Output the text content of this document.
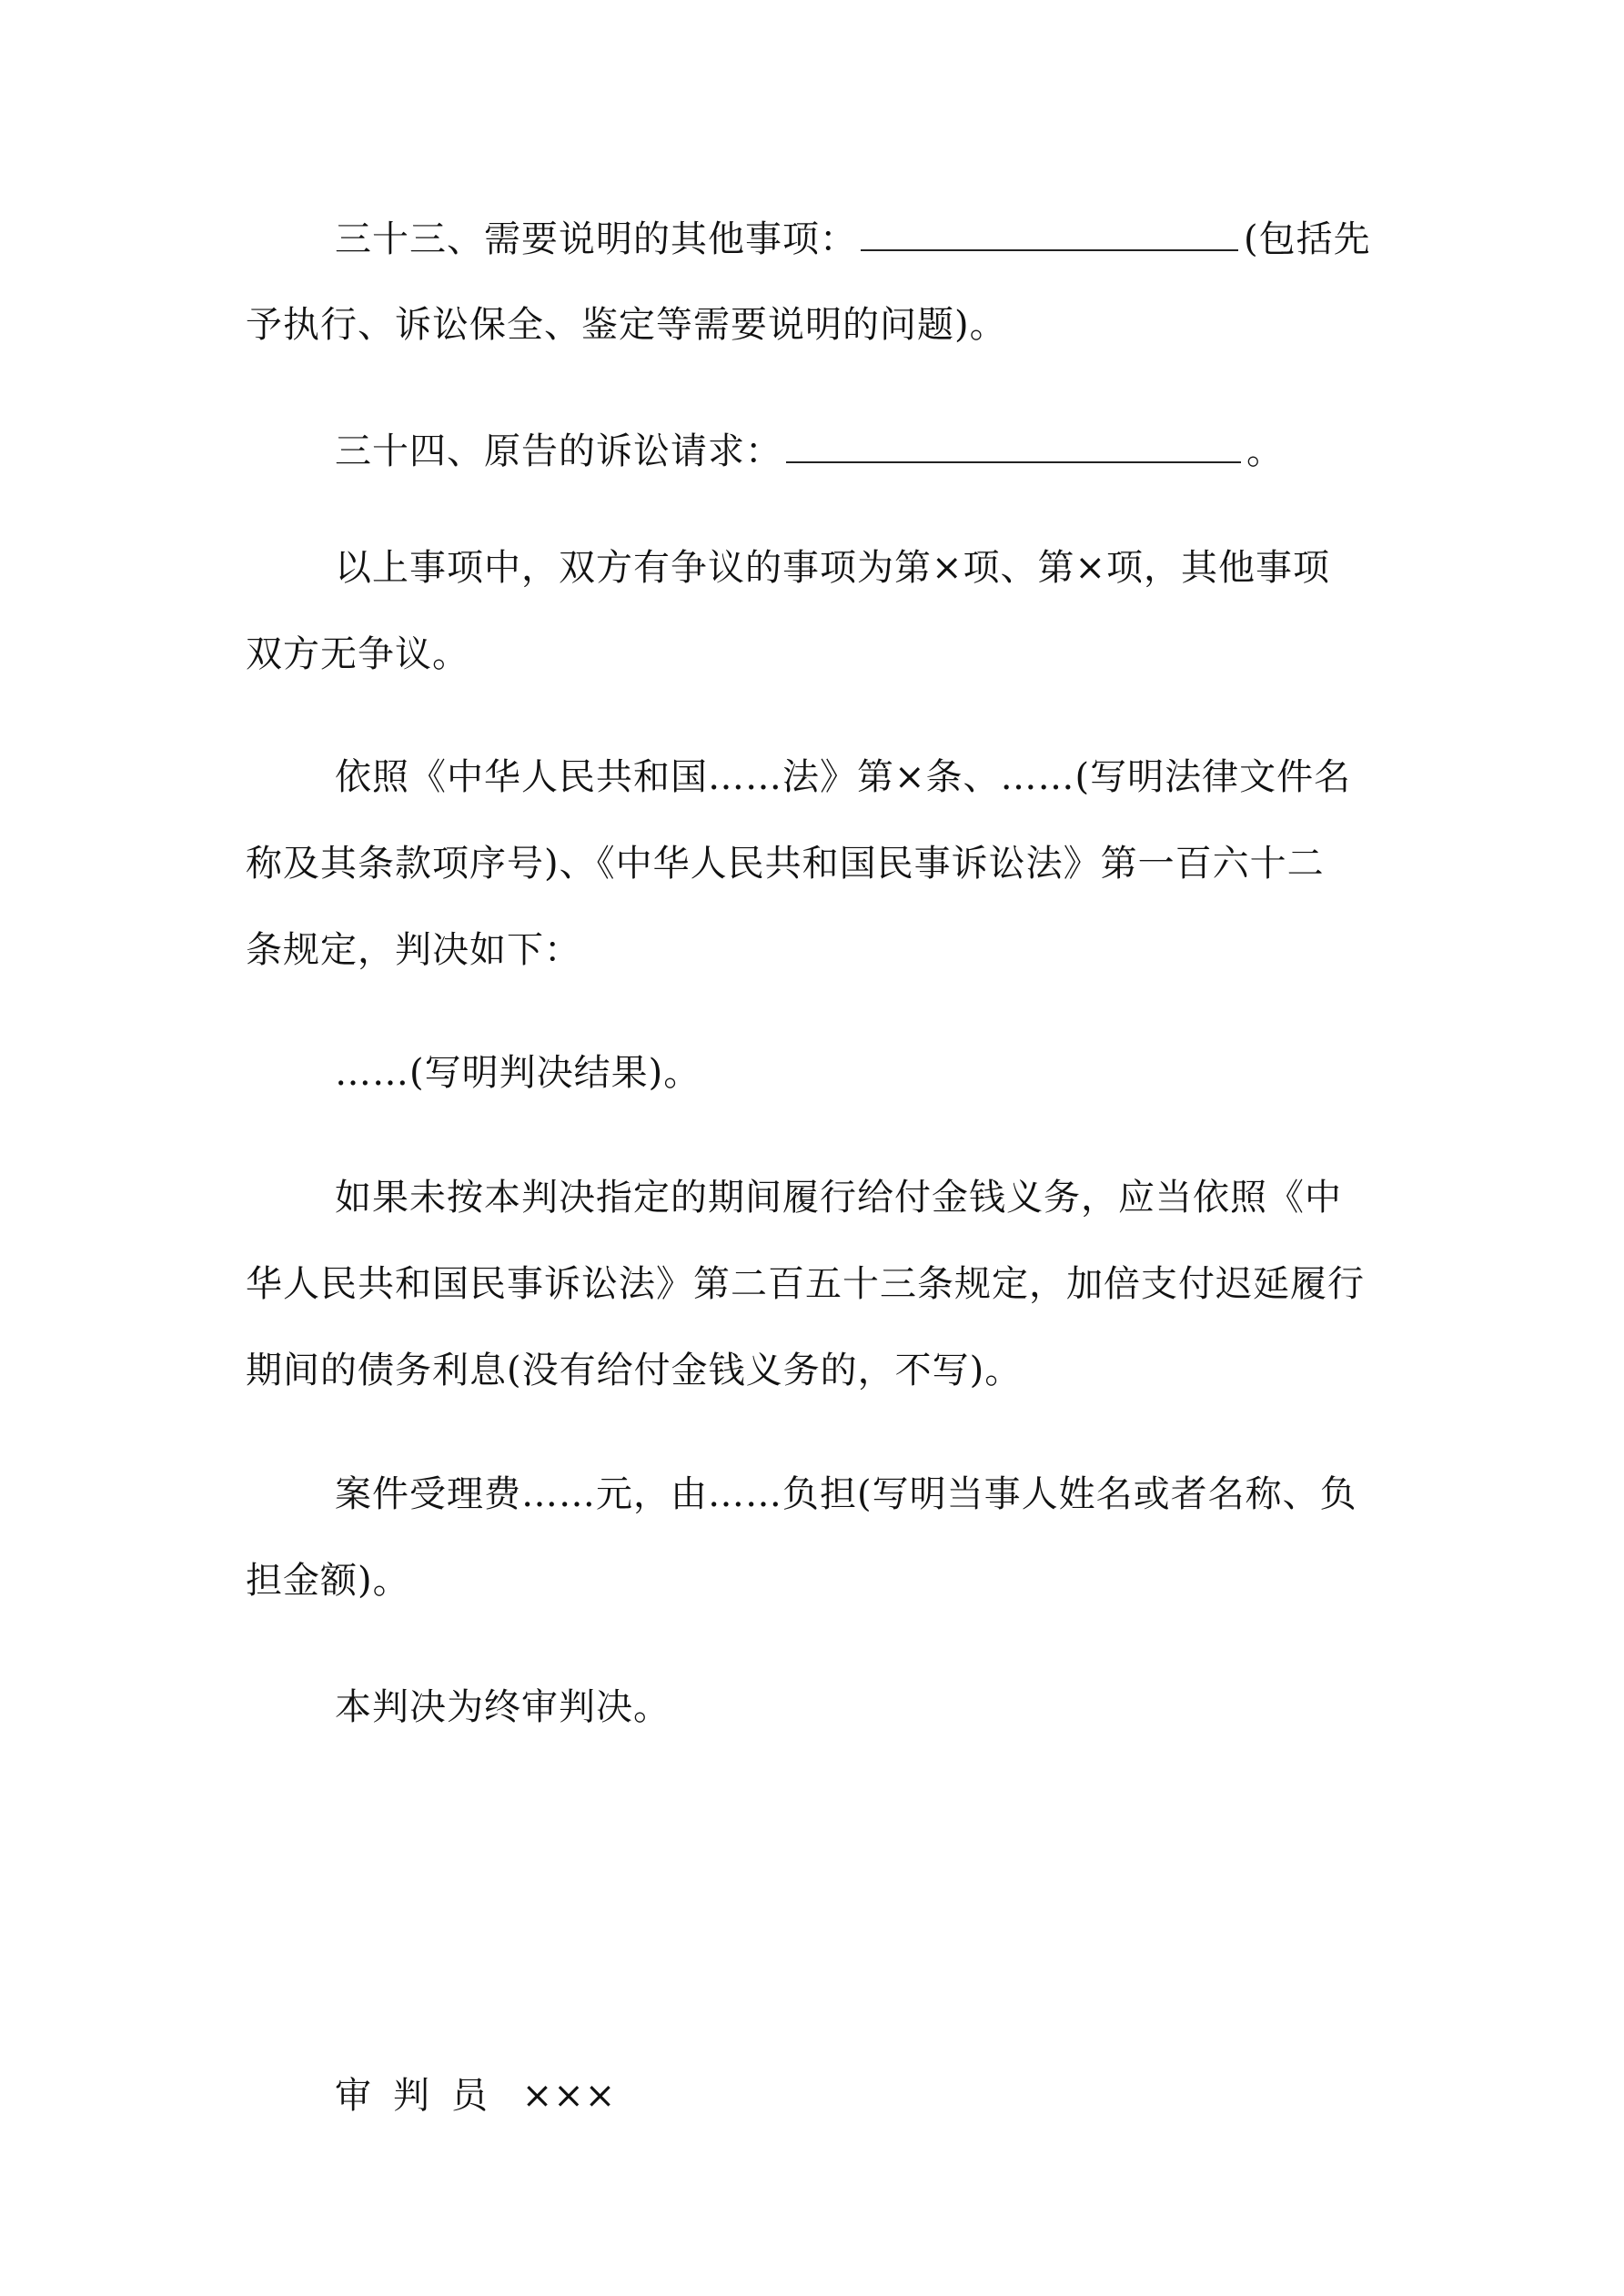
三十三、需要说明的其他事项：	(包括先
予执行、诉讼保全、鉴定等需要说明的问题)。
三十四、原告的诉讼请求：	。
以上事项中，双方有争议的事项为第×项、第×项，其他事项
双方无争议。
依照《中华人民共和国……法》第×条、……(写明法律文件名
称及其条款项序号)、《中华人民共和国民事诉讼法》第一百六十二
条规定，判决如下：
……(写明判决结果)。
如果未按本判决指定的期间履行给付金钱义务，应当依照《中
华人民共和国民事诉讼法》第二百五十三条规定，加倍支付迟延履行
期间的债务利息(没有给付金钱义务的，不写)。
案件受理费……元，由……负担(写明当事人姓名或者名称、负
担金额)。
本判决为终审判决。
审判员 ×××
